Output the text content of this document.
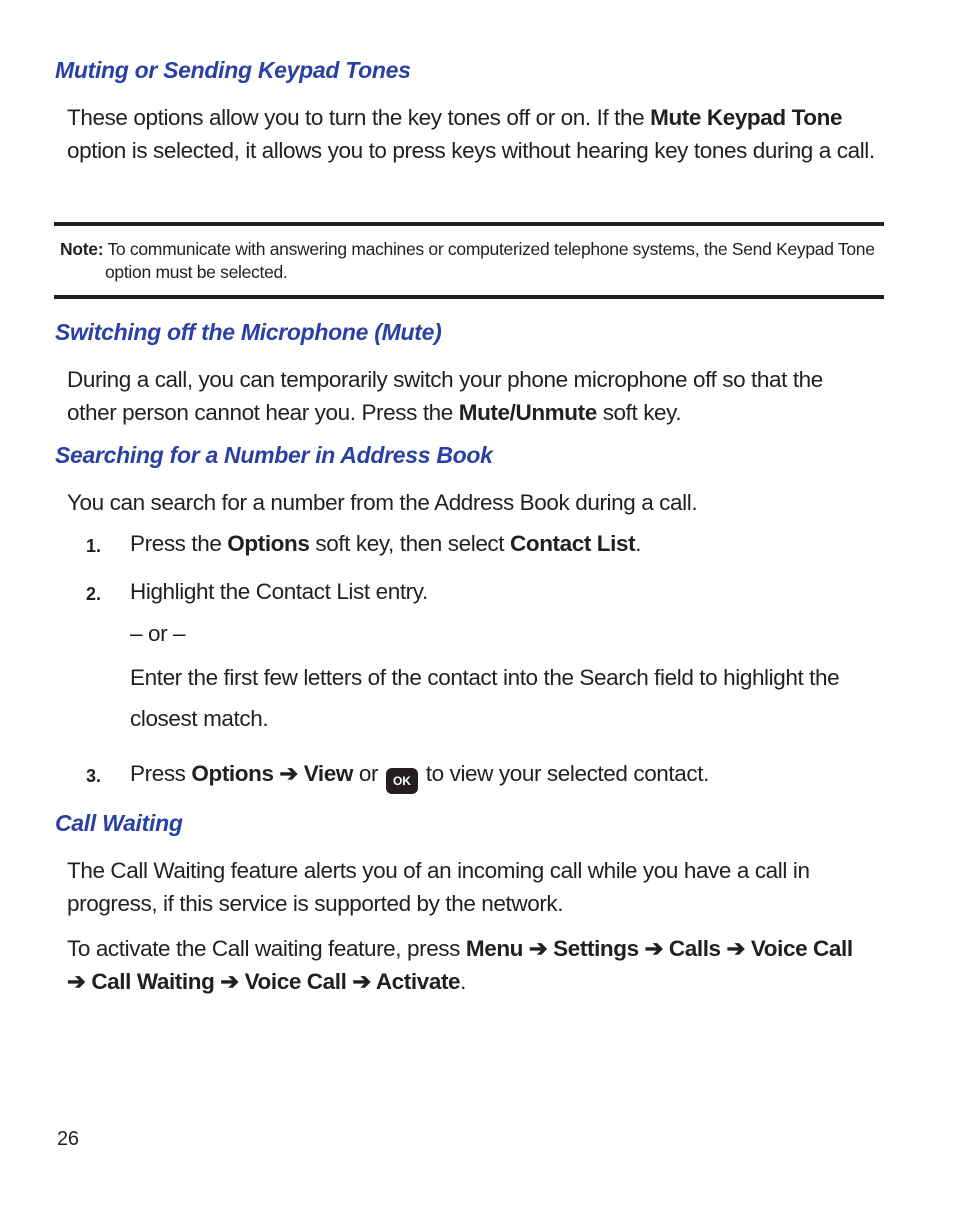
Muting or Sending Keypad Tones

These options allow you to turn the key tones off or on. If the Mute Keypad Tone option is selected, it allows you to press keys without hearing key tones during a call.

Note: To communicate with answering machines or computerized telephone systems, the Send Keypad Tone option must be selected.

Switching off the Microphone (Mute)

During a call, you can temporarily switch your phone microphone off so that the other person cannot hear you. Press the Mute/Unmute soft key.

Searching for a Number in Address Book

You can search for a number from the Address Book during a call.

1. Press the Options soft key, then select Contact List.

2. Highlight the Contact List entry.

– or –

Enter the first few letters of the contact into the Search field to highlight the closest match.

3. Press Options ➔ View or OK to view your selected contact.

Call Waiting

The Call Waiting feature alerts you of an incoming call while you have a call in progress, if this service is supported by the network.

To activate the Call waiting feature, press Menu ➔ Settings ➔ Calls ➔ Voice Call ➔ Call Waiting ➔ Voice Call ➔ Activate.

26
